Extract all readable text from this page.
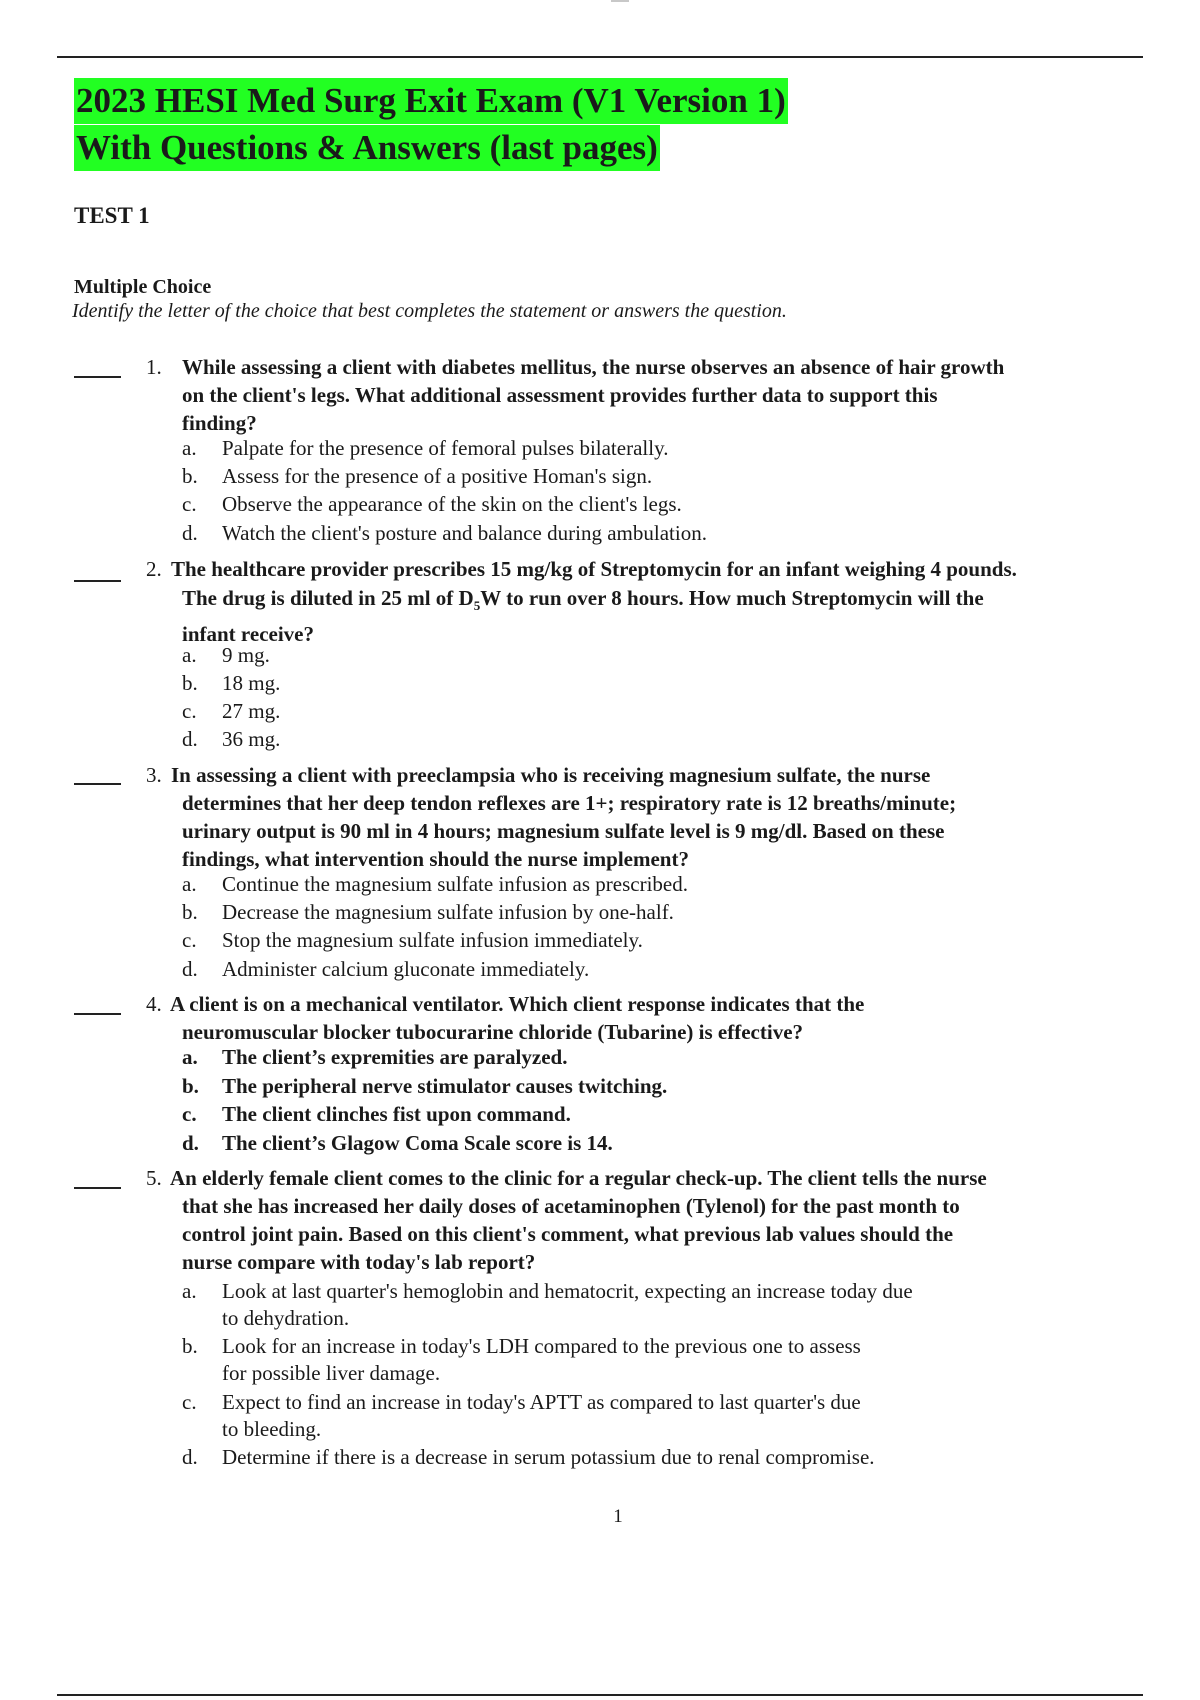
2023 HESI Med Surg Exit Exam (V1 Version 1)
With Questions & Answers (last pages)
TEST 1
Multiple Choice
Identify the letter of the choice that best completes the statement or answers the question.
1. While assessing a client with diabetes mellitus, the nurse observes an absence of hair growth
on the client's legs. What additional assessment provides further data to support this
finding?
a.	Palpate for the presence of femoral pulses bilaterally.
b.	Assess for the presence of a positive Homan's sign.
c.	Observe the appearance of the skin on the client's legs.
d.	Watch the client's posture and balance during ambulation.
2. The healthcare provider prescribes 15 mg/kg of Streptomycin for an infant weighing 4 pounds.
The drug is diluted in 25 ml of $D_5W$ to run over 8 hours. How much Streptomycin will the
infant receive?
a.	9 mg.
b.	18 mg.
c.	27 mg.
d.	36 mg.
3. In assessing a client with preeclampsia who is receiving magnesium sulfate, the nurse
determines that her deep tendon reflexes are 1+; respiratory rate is 12 breaths/minute;
urinary output is 90 ml in 4 hours; magnesium sulfate level is 9 mg/dl. Based on these
findings, what intervention should the nurse implement?
a.	Continue the magnesium sulfate infusion as prescribed.
b.	Decrease the magnesium sulfate infusion by one-half.
c.	Stop the magnesium sulfate infusion immediately.
d.	Administer calcium gluconate immediately.
4. A client is on a mechanical ventilator. Which client response indicates that the
neuromuscular blocker tubocurarine chloride (Tubarine) is effective?
a.	The client’s expremities are paralyzed.
b.	The peripheral nerve stimulator causes twitching.
c.	The client clinches fist upon command.
d.	The client’s Glagow Coma Scale score is 14.
5. An elderly female client comes to the clinic for a regular check-up. The client tells the nurse
that she has increased her daily doses of acetaminophen (Tylenol) for the past month to
control joint pain. Based on this client's comment, what previous lab values should the
nurse compare with today's lab report?
a.	Look at last quarter's hemoglobin and hematocrit, expecting an increase today due
to dehydration.
b.	Look for an increase in today's LDH compared to the previous one to assess
for possible liver damage.
c.	Expect to find an increase in today's APTT as compared to last quarter's due
to bleeding.
d.	Determine if there is a decrease in serum potassium due to renal compromise.
1
